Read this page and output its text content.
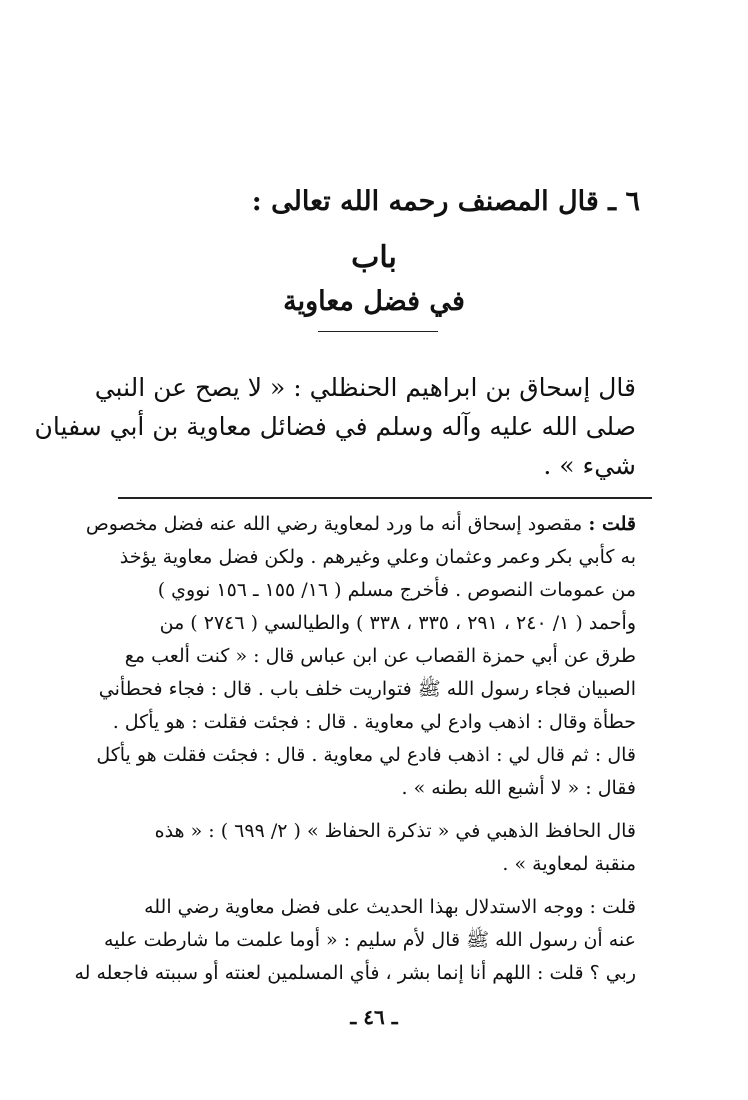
٦ ـ قال المصنف رحمه الله تعالى :
باب
في فضل معاوية
قال إسحاق بن ابراهيم الحنظلي : « لا يصح عن النبي
صلى الله عليه وآله وسلم في فضائل معاوية بن أبي سفيان
شيء » .
قلت : مقصود إسحاق أنه ما ورد لمعاوية رضي الله عنه فضل مخصوص
به كأبي بكر وعمر وعثمان وعلي وغيرهم . ولكن فضل معاوية يؤخذ
من عمومات النصوص . فأخرج مسلم ( ١٦/ ١٥٥ ـ ١٥٦ نووي )
وأحمد ( ١/ ٢٤٠ ، ٢٩١ ، ٣٣٥ ، ٣٣٨ ) والطيالسي ( ٢٧٤٦ ) من
طرق عن أبي حمزة القصاب عن ابن عباس قال : « كنت ألعب مع
الصبيان فجاء رسول الله ﷺ فتواريت خلف باب . قال : فجاء فحطأني
حطأة وقال : اذهب وادع لي معاوية . قال : فجئت فقلت : هو يأكل .
قال : ثم قال لي : اذهب فادع لي معاوية . قال : فجئت فقلت هو يأكل
فقال : « لا أشبع الله بطنه » .
قال الحافظ الذهبي في « تذكرة الحفاظ » ( ٢/ ٦٩٩ ) : « هذه
منقبة لمعاوية » .
قلت : ووجه الاستدلال بهذا الحديث على فضل معاوية رضي الله
عنه أن رسول الله ﷺ قال لأم سليم : « أوما علمت ما شارطت عليه
ربي ؟ قلت : اللهم أنا إنما بشر ، فأي المسلمين لعنته أو سببته فاجعله له
ـ ٤٦ ـ
